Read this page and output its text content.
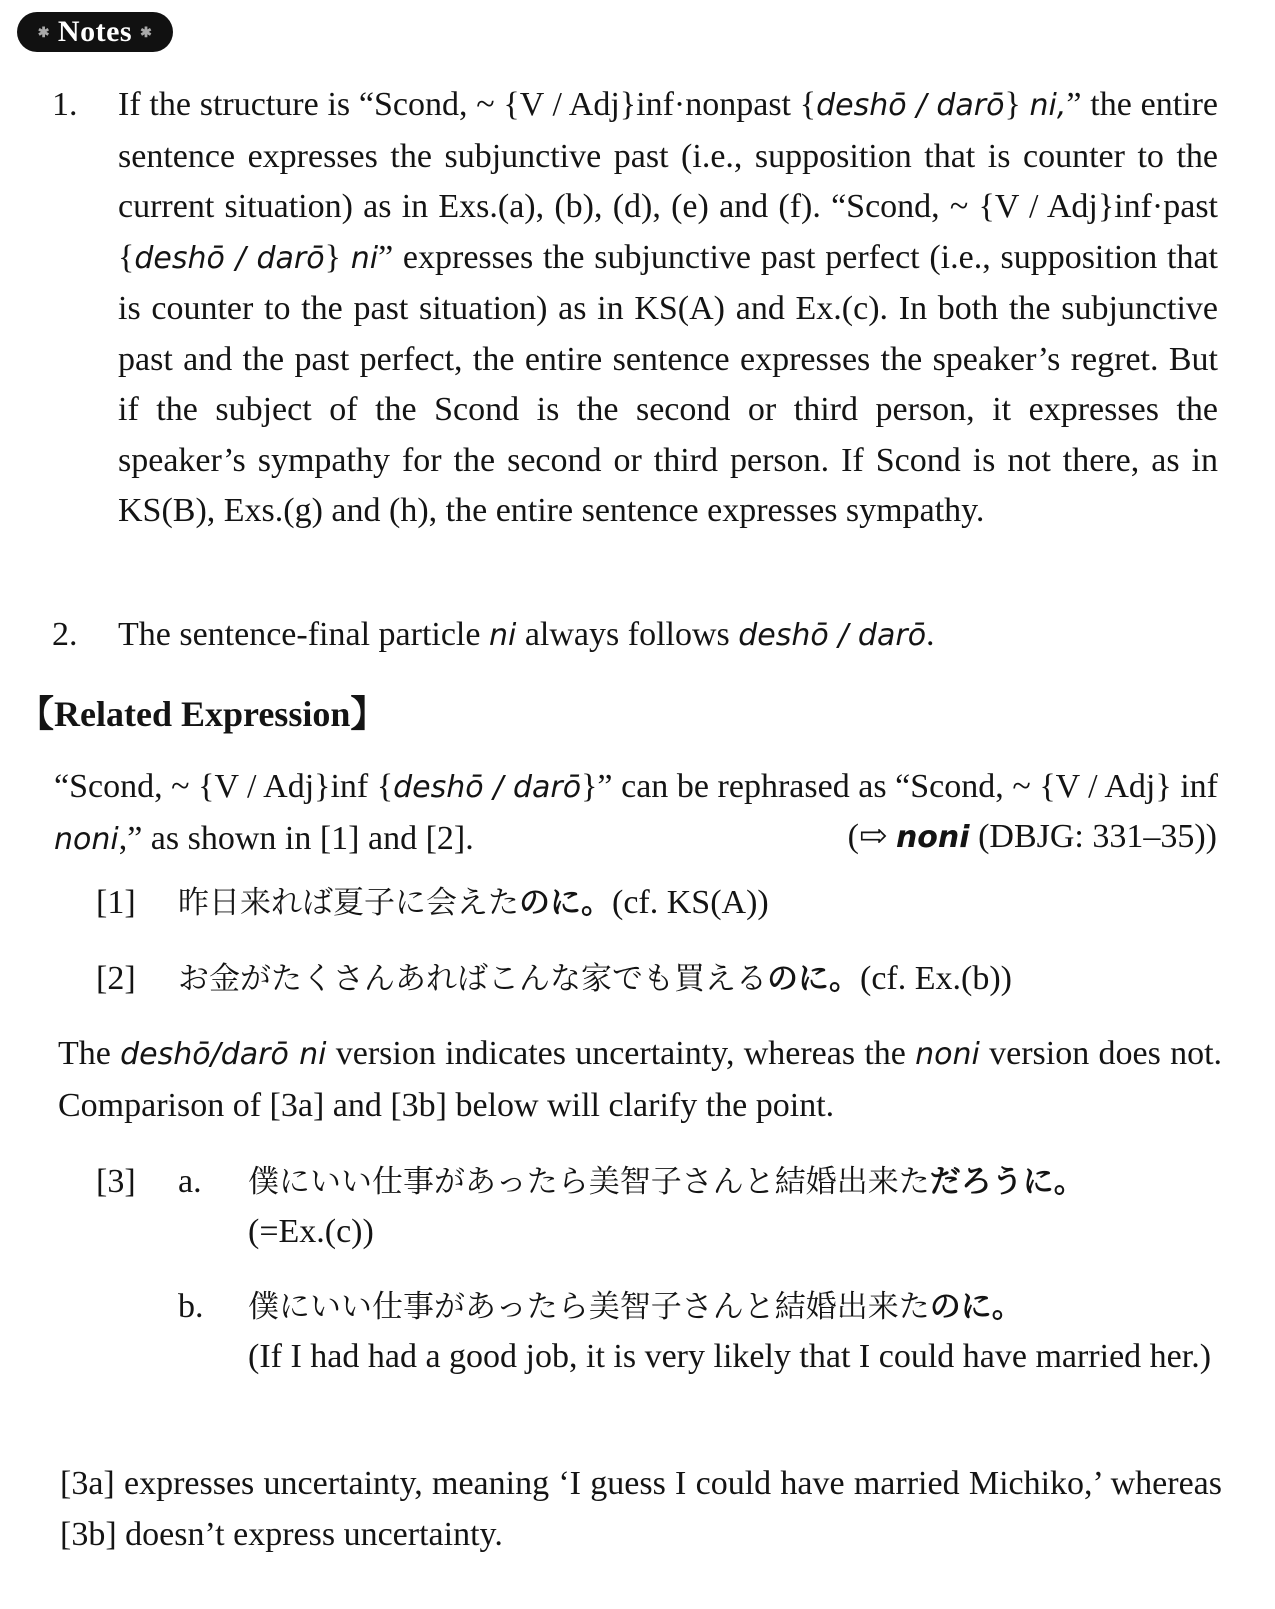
✱ Notes ✱
1. If the structure is “Scond, ~ {V / Adj}inf·nonpast {deshō / darō} ni,” the entire sentence expresses the subjunctive past (i.e., supposition that is counter to the current situation) as in Exs.(a), (b), (d), (e) and (f). “Scond, ~ {V / Adj}inf·past {deshō / darō} ni” expresses the subjunctive past perfect (i.e., supposition that is counter to the past situation) as in KS(A) and Ex.(c). In both the subjunctive past and the past perfect, the entire sentence expresses the speaker’s regret. But if the subject of the Scond is the second or third person, it expresses the speaker’s sympathy for the second or third person. If Scond is not there, as in KS(B), Exs.(g) and (h), the entire sentence expresses sympathy.

2. The sentence-final particle ni always follows deshō / darō.

【Related Expression】

“Scond, ~ {V / Adj}inf {deshō / darō}” can be rephrased as “Scond, ~ {V / Adj} inf noni,” as shown in [1] and [2].	(⇨ noni (DBJG: 331–35))
[1] 昨日来れば夏子に会えたのに。(cf. KS(A))
[2] お金がたくさんあればこんな家でも買えるのに。(cf. Ex.(b))

The deshō/darō ni version indicates uncertainty, whereas the noni version does not. Comparison of [3a] and [3b] below will clarify the point.

[3] a. 僕にいい仕事があったら美智子さんと結婚出来ただろうに。
(=Ex.(c))
b. 僕にいい仕事があったら美智子さんと結婚出来たのに。

(If I had had a good job, it is very likely that I could have married her.)

[3a] expresses uncertainty, meaning ‘I guess I could have married Michiko,’ whereas [3b] doesn’t express uncertainty.
